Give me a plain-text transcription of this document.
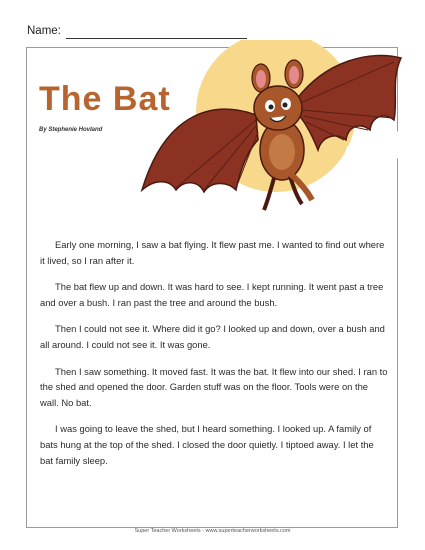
Name:
The Bat
By Stephenie Hovland

Early one morning, I saw a bat flying. It flew past me. I wanted to find out where it lived, so I ran after it.

The bat flew up and down. It was hard to see. I kept running. It went past a tree and over a bush. I ran past the tree and around the bush.

Then I could not see it. Where did it go? I looked up and down, over a bush and all around. I could not see it. It was gone.

Then I saw something. It moved fast. It was the bat. It flew into our shed. I ran to the shed and opened the door. Garden stuff was on the floor. Tools were on the wall. No bat.

I was going to leave the shed, but I heard something. I looked up. A family of bats hung at the top of the shed. I closed the door quietly. I tiptoed away. I let the bat family sleep.

Super Teacher Worksheets - www.superteacherworksheets.com
